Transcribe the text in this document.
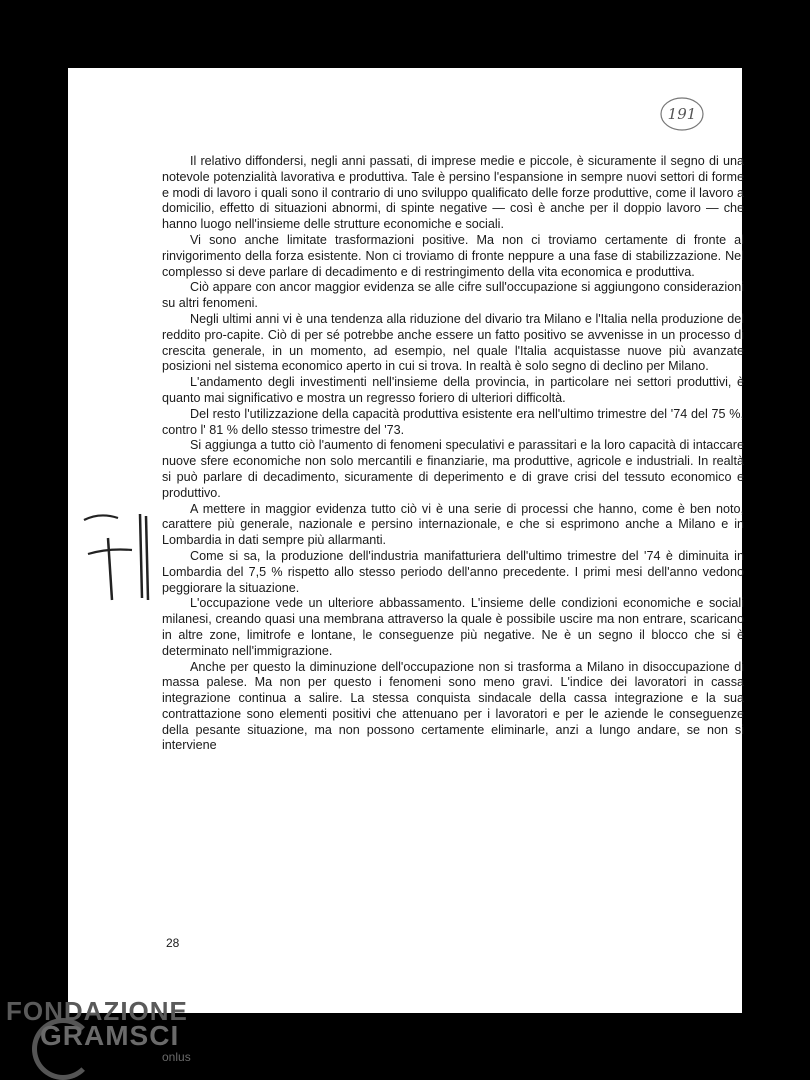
191

Il relativo diffondersi, negli anni passati, di imprese medie e piccole, è sicuramente il segno di una notevole potenzialità lavorativa e produttiva. Tale è persino l'espansione in sempre nuovi settori di forme e modi di lavoro i quali sono il contrario di uno sviluppo qualificato delle forze produttive, come il lavoro a domicilio, effetto di situazioni abnormi, di spinte negative — così è anche per il doppio lavoro — che hanno luogo nell'insieme delle strutture economiche e sociali.

Vi sono anche limitate trasformazioni positive. Ma non ci troviamo certamente di fronte al rinvigorimento della forza esistente. Non ci troviamo di fronte neppure a una fase di stabilizzazione. Nel complesso si deve parlare di decadimento e di restringimento della vita economica e produttiva.

Ciò appare con ancor maggior evidenza se alle cifre sull'occupazione si aggiungono considerazioni su altri fenomeni.

Negli ultimi anni vi è una tendenza alla riduzione del divario tra Milano e l'Italia nella produzione del reddito pro-capite. Ciò di per sé potrebbe anche essere un fatto positivo se avvenisse in un processo di crescita generale, in un momento, ad esempio, nel quale l'Italia acquistasse nuove più avanzate posizioni nel sistema economico aperto in cui si trova. In realtà è solo segno di declino per Milano.

L'andamento degli investimenti nell'insieme della provincia, in particolare nei settori produttivi, è quanto mai significativo e mostra un regresso foriero di ulteriori difficoltà.

Del resto l'utilizzazione della capacità produttiva esistente era nell'ultimo trimestre del '74 del 75 %, contro l' 81 % dello stesso trimestre del '73.

Si aggiunga a tutto ciò l'aumento di fenomeni speculativi e parassitari e la loro capacità di intaccare nuove sfere economiche non solo mercantili e finanziarie, ma produttive, agricole e industriali. In realtà si può parlare di decadimento, sicuramente di deperimento e di grave crisi del tessuto economico e produttivo.

A mettere in maggior evidenza tutto ciò vi è una serie di processi che hanno, come è ben noto, carattere più generale, nazionale e persino internazionale, e che si esprimono anche a Milano e in Lombardia in dati sempre più allarmanti.

Come si sa, la produzione dell'industria manifatturiera dell'ultimo trimestre del '74 è diminuita in Lombardia del 7,5 % rispetto allo stesso periodo dell'anno precedente. I primi mesi dell'anno vedono peggiorare la situazione.

L'occupazione vede un ulteriore abbassamento. L'insieme delle condizioni economiche e sociali milanesi, creando quasi una membrana attraverso la quale è possibile uscire ma non entrare, scaricano in altre zone, limitrofe e lontane, le conseguenze più negative. Ne è un segno il blocco che si è determinato nell'immigrazione.

Anche per questo la diminuzione dell'occupazione non si trasforma a Milano in disoccupazione di massa palese. Ma non per questo i fenomeni sono meno gravi. L'indice dei lavoratori in cassa integrazione continua a salire. La stessa conquista sindacale della cassa integrazione e la sua contrattazione sono elementi positivi che attenuano per i lavoratori e per le aziende le conseguenze della pesante situazione, ma non possono certamente eliminarle, anzi a lungo andare, se non si interviene

28
FONDAZIONE
GRAMSCI
onlus
